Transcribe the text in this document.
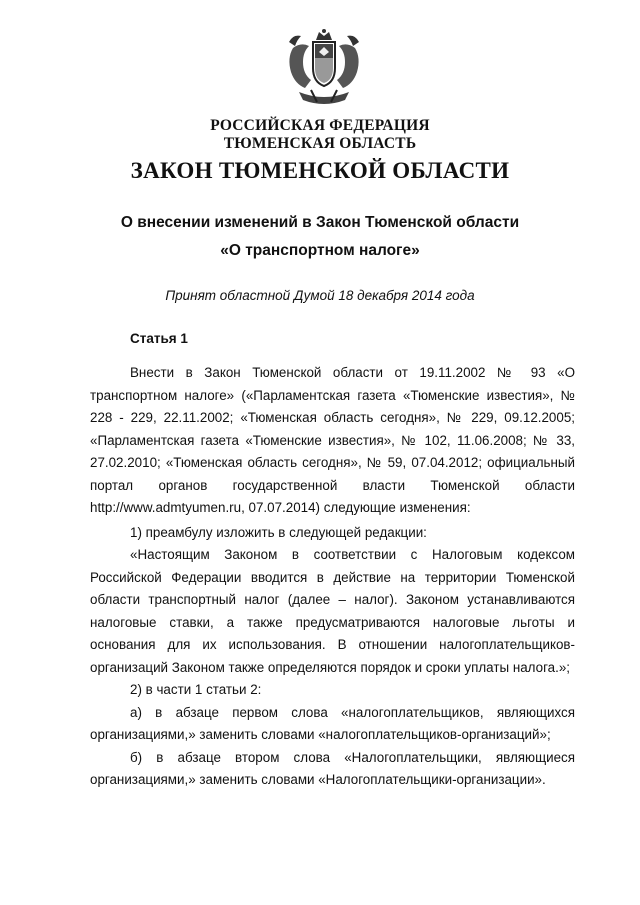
РОССИЙСКАЯ ФЕДЕРАЦИЯ
ТЮМЕНСКАЯ ОБЛАСТЬ
ЗАКОН ТЮМЕНСКОЙ ОБЛАСТИ
О внесении изменений в Закон Тюменской области
«О транспортном налоге»
Принят областной Думой 18 декабря 2014 года
Статья 1

Внести в Закон Тюменской области от 19.11.2002 № 93 «О транспортном налоге» («Парламентская газета «Тюменские известия», № 228 - 229, 22.11.2002; «Тюменская область сегодня», № 229, 09.12.2005; «Парламентская газета «Тюменские известия», № 102, 11.06.2008; № 33, 27.02.2010; «Тюменская область сегодня», № 59, 07.04.2012; официальный портал органов государственной власти Тюменской области http://www.admtyumen.ru, 07.07.2014) следующие изменения:

1) преамбулу изложить в следующей редакции:

«Настоящим Законом в соответствии с Налоговым кодексом Российской Федерации вводится в действие на территории Тюменской области транспортный налог (далее – налог). Законом устанавливаются налоговые ставки, а также предусматриваются налоговые льготы и основания для их использования. В отношении налогоплательщиков-организаций Законом также определяются порядок и сроки уплаты налога.»;

2) в части 1 статьи 2:

а) в абзаце первом слова «налогоплательщиков, являющихся организациями,» заменить словами «налогоплательщиков-организаций»;

б) в абзаце втором слова «Налогоплательщики, являющиеся организациями,» заменить словами «Налогоплательщики-организации».
